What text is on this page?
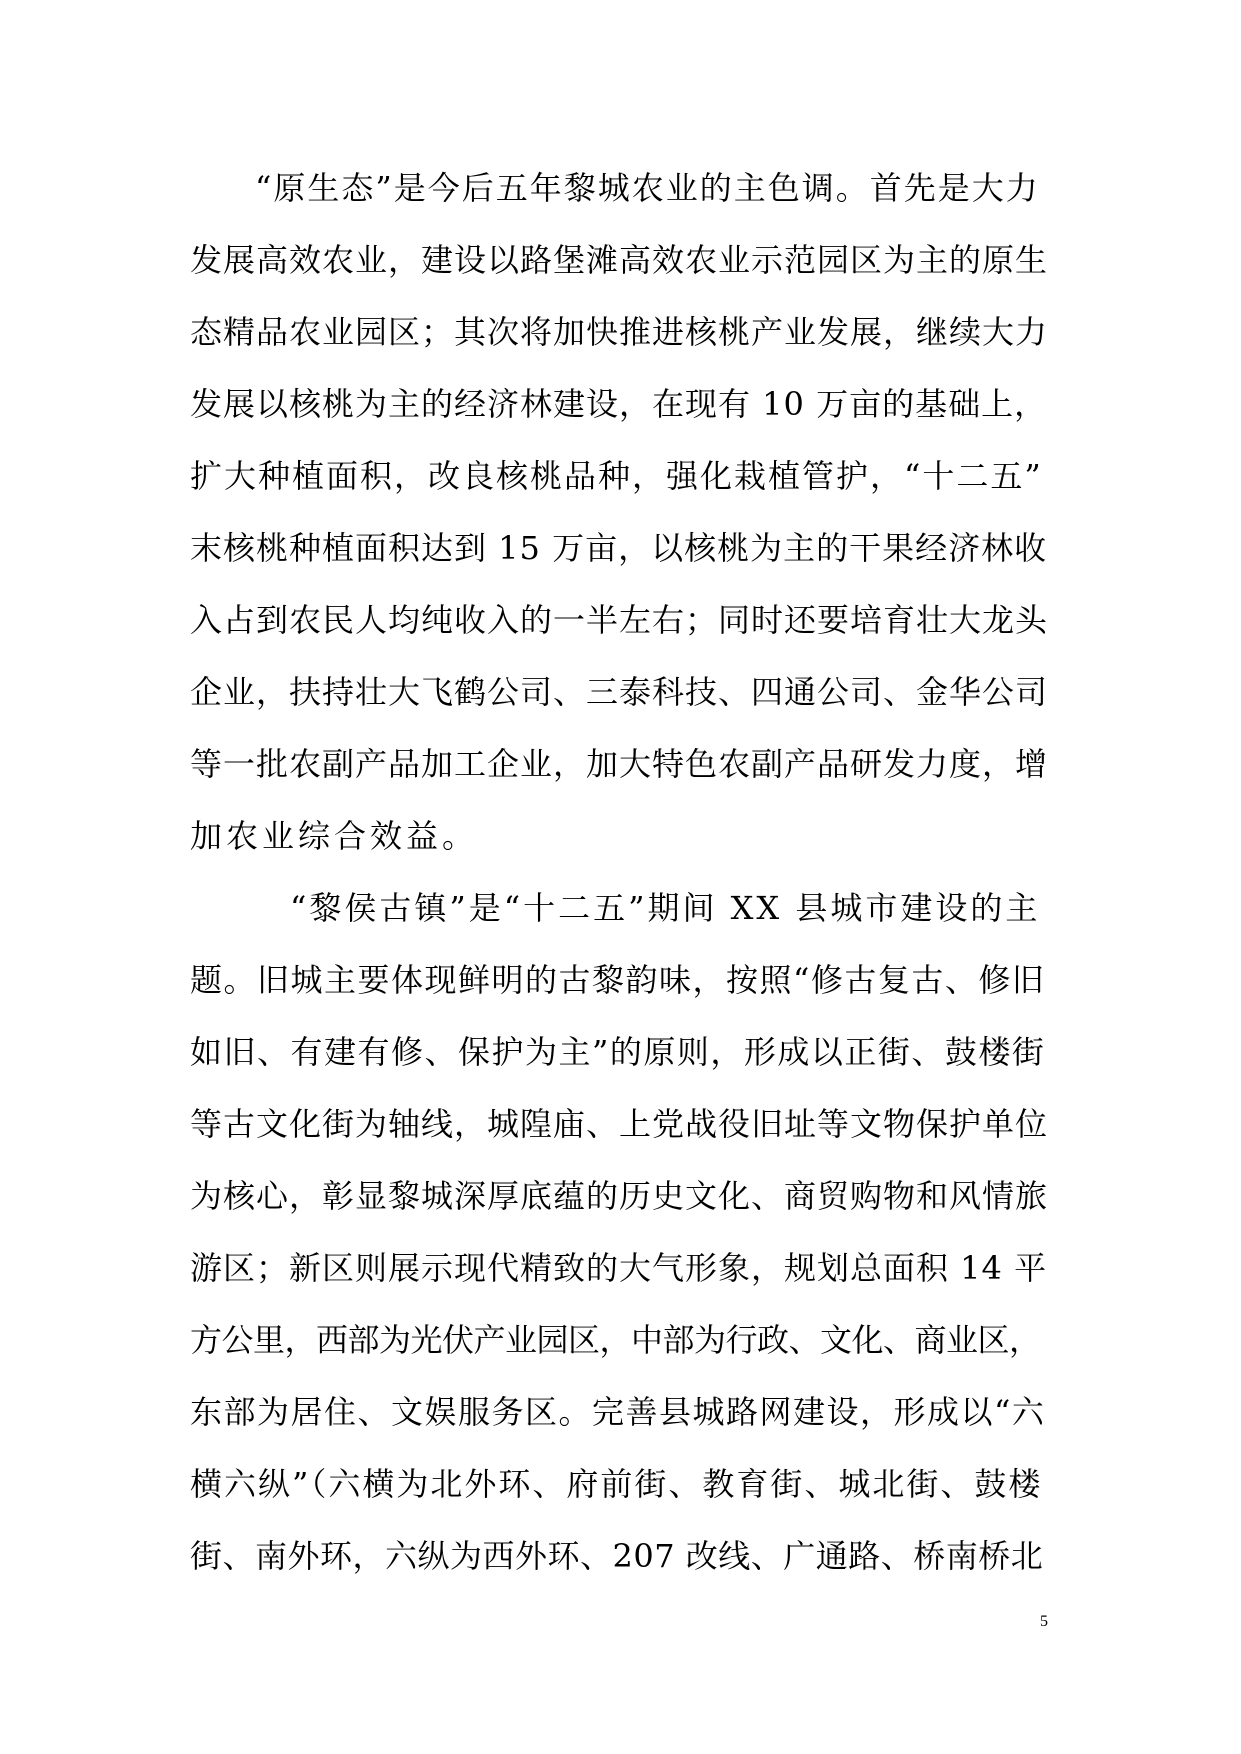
“原生态”是今后五年黎城农业的主色调。首先是大力
发展高效农业，建设以路堡滩高效农业示范园区为主的原生
态精品农业园区；其次将加快推进核桃产业发展，继续大力
发展以核桃为主的经济林建设，在现有 10 万亩的基础上，
扩大种植面积，改良核桃品种，强化栽植管护，“十二五”
末核桃种植面积达到 15 万亩，以核桃为主的干果经济林收
入占到农民人均纯收入的一半左右；同时还要培育壮大龙头
企业，扶持壮大飞鹤公司、三泰科技、四通公司、金华公司
等一批农副产品加工企业，加大特色农副产品研发力度，增
加农业综合效益。
“黎侯古镇”是“十二五”期间 XX 县城市建设的主
题。旧城主要体现鲜明的古黎韵味，按照“修古复古、修旧
如旧、有建有修、保护为主”的原则，形成以正街、鼓楼街
等古文化街为轴线，城隍庙、上党战役旧址等文物保护单位
为核心，彰显黎城深厚底蕴的历史文化、商贸购物和风情旅
游区；新区则展示现代精致的大气形象，规划总面积 14 平
方公里，西部为光伏产业园区，中部为行政、文化、商业区，
东部为居住、文娱服务区。完善县城路网建设，形成以“六
横六纵”（六横为北外环、府前街、教育街、城北街、鼓楼
街、南外环，六纵为西外环、207 改线、广通路、桥南桥北
5
